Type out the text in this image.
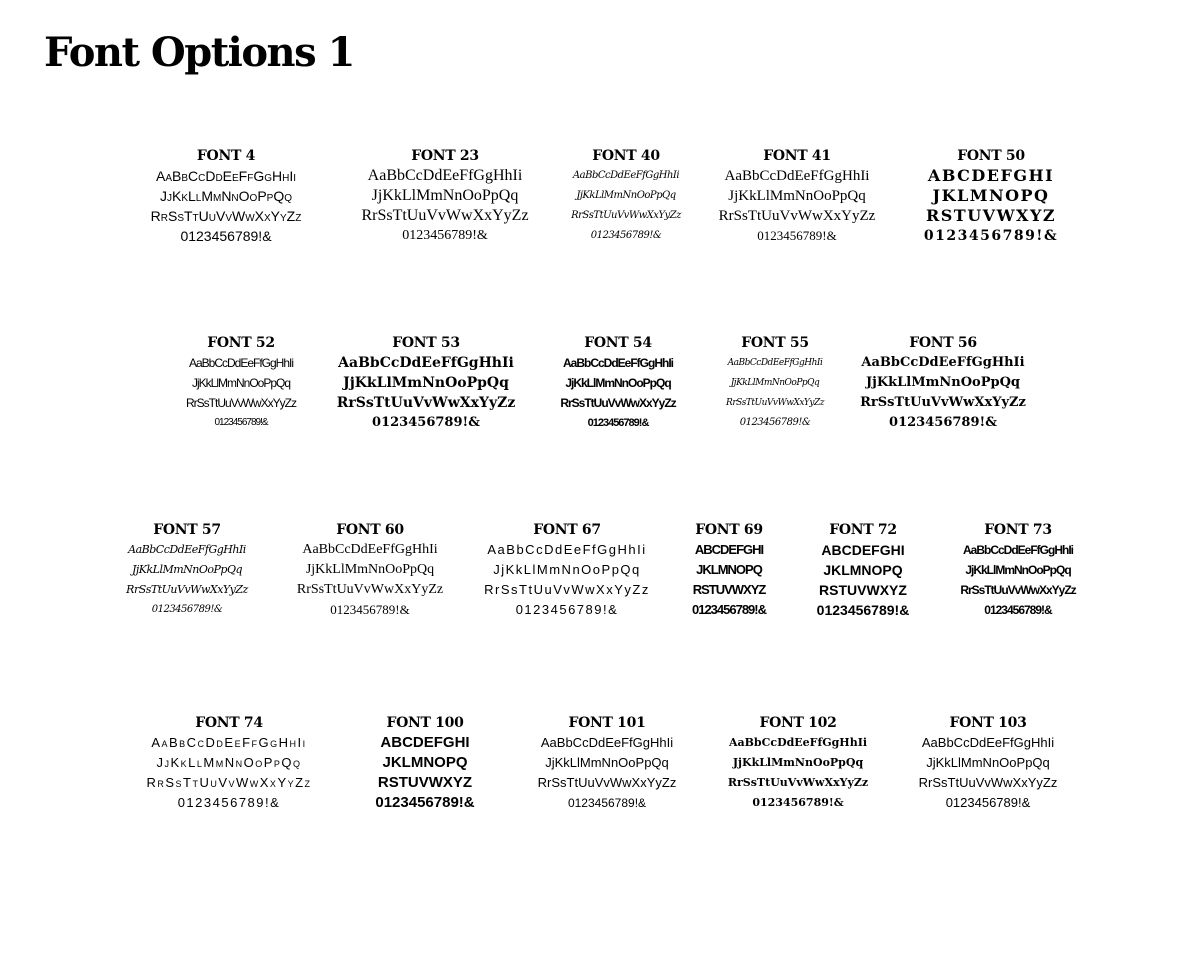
Font Options 1
FONT 4
AaBbCcDdEeFfGgHhIi
JjKkLlMmNnOoPpQq
RrSsTtUuVvWwXxYyZz
0123456789!&
FONT 23
AaBbCcDdEeFfGgHhIi
JjKkLlMmNnOoPpQq
RrSsTtUuVvWwXxYyZz
0123456789!&
FONT 40
AaBbCcDdEeFfGgHhIi
JjKkLlMmNnOoPpQq
RrSsTtUuVvWwXxYyZz
0123456789!&
FONT 41
AaBbCcDdEeFfGgHhIi
JjKkLlMmNnOoPpQq
RrSsTtUuVvWwXxYyZz
0123456789!&
FONT 50
ABCDEFGHI
JKLMNOPQ
RSTUVWXYZ
0123456789!&
FONT 52
AaBbCcDdEeFfGgHhIi
JjKkLlMmNnOoPpQq
RrSsTtUuVvWwXxYyZz
0123456789!&
FONT 53
AaBbCcDdEeFfGgHhIi
JjKkLlMmNnOoPpQq
RrSsTtUuVvWwXxYyZz
0123456789!&
FONT 54
AaBbCcDdEeFfGgHhIi
JjKkLlMmNnOoPpQq
RrSsTtUuVvWwXxYyZz
0123456789!&
FONT 55
AaBbCcDdEeFfGgHhIi
JjKkLlMmNnOoPpQq
RrSsTtUuVvWwXxYyZz
0123456789!&
FONT 56
AaBbCcDdEeFfGgHhIi
JjKkLlMmNnOoPpQq
RrSsTtUuVvWwXxYyZz
0123456789!&
FONT 57
AaBbCcDdEeFfGgHhIi
JjKkLlMmNnOoPpQq
RrSsTtUuVvWwXxYyZz
0123456789!&
FONT 60
AaBbCcDdEeFfGgHhIi
JjKkLlMmNnOoPpQq
RrSsTtUuVvWwXxYyZz
0123456789!&
FONT 67
AaBbCcDdEeFfGgHhIi
JjKkLlMmNnOoPpQq
RrSsTtUuVvWwXxYyZz
0123456789!&
FONT 69
ABCDEFGHI
JKLMNOPQ
RSTUVWXYZ
0123456789!&
FONT 72
ABCDEFGHI
JKLMNOPQ
RSTUVWXYZ
0123456789!&
FONT 73
AaBbCcDdEeFfGgHhIi
JjKkLlMmNnOoPpQq
RrSsTtUuVvWwXxYyZz
0123456789!&
FONT 74
AaBbCcDdEeFfGgHhIi
JjKkLlMmNnOoPpQq
RrSsTtUuVvWwXxYyZz
0123456789!&
FONT 100
ABCDEFGHI
JKLMNOPQ
RSTUVWXYZ
0123456789!&
FONT 101
AaBbCcDdEeFfGgHhIi
JjKkLlMmNnOoPpQq
RrSsTtUuVvWwXxYyZz
0123456789!&
FONT 102
AaBbCcDdEeFfGgHhIi
JjKkLlMmNnOoPpQq
RrSsTtUuVvWwXxYyZz
0123456789!&
FONT 103
AaBbCcDdEeFfGgHhIi
JjKkLlMmNnOoPpQq
RrSsTtUuVvWwXxYyZz
0123456789!&
